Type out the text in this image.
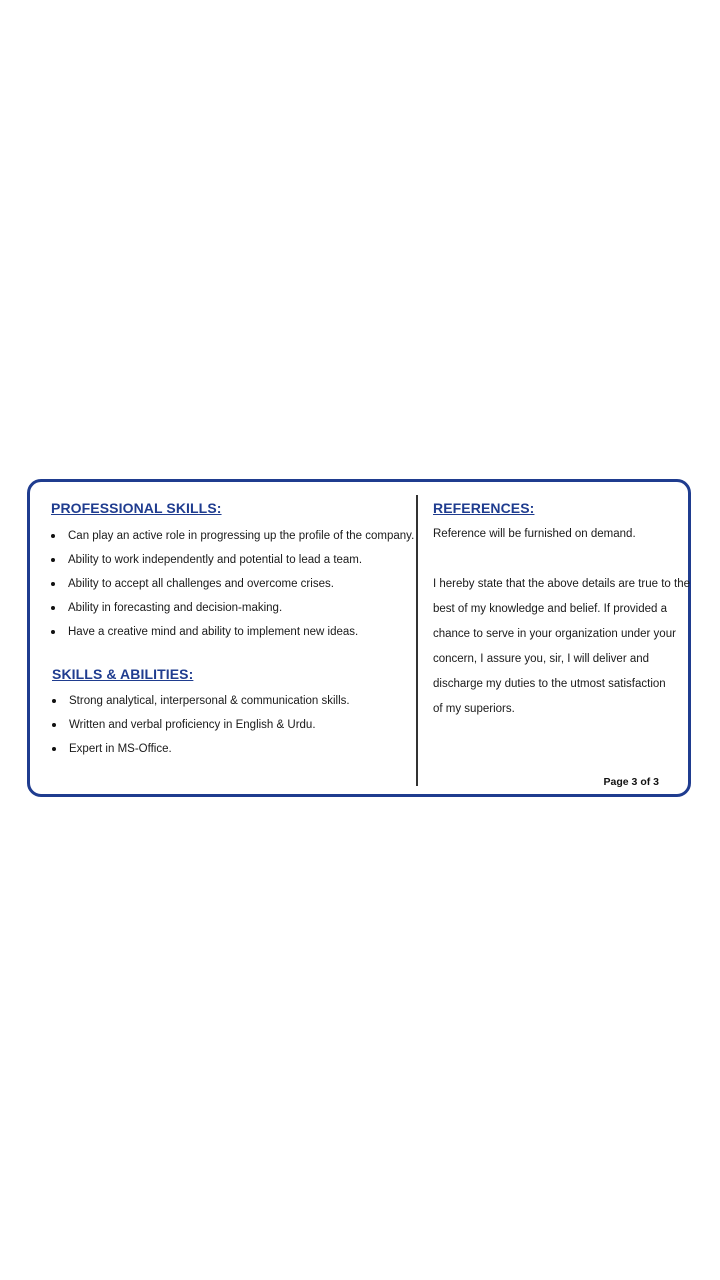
PROFESSIONAL SKILLS:
Can play an active role in progressing up the profile of the company.
Ability to work independently and potential to lead a team.
Ability to accept all challenges and overcome crises.
Ability in forecasting and decision-making.
Have a creative mind and ability to implement new ideas.
SKILLS & ABILITIES:
Strong analytical, interpersonal & communication skills.
Written and verbal proficiency in English & Urdu.
Expert in MS-Office.
REFERENCES:
Reference will be furnished on demand.
I hereby state that the above details are true to the
best of my knowledge and belief. If provided a
chance to serve in your organization under your
concern, I assure you, sir, I will deliver and
discharge my duties to the utmost satisfaction
of my superiors.
Page 3 of 3
